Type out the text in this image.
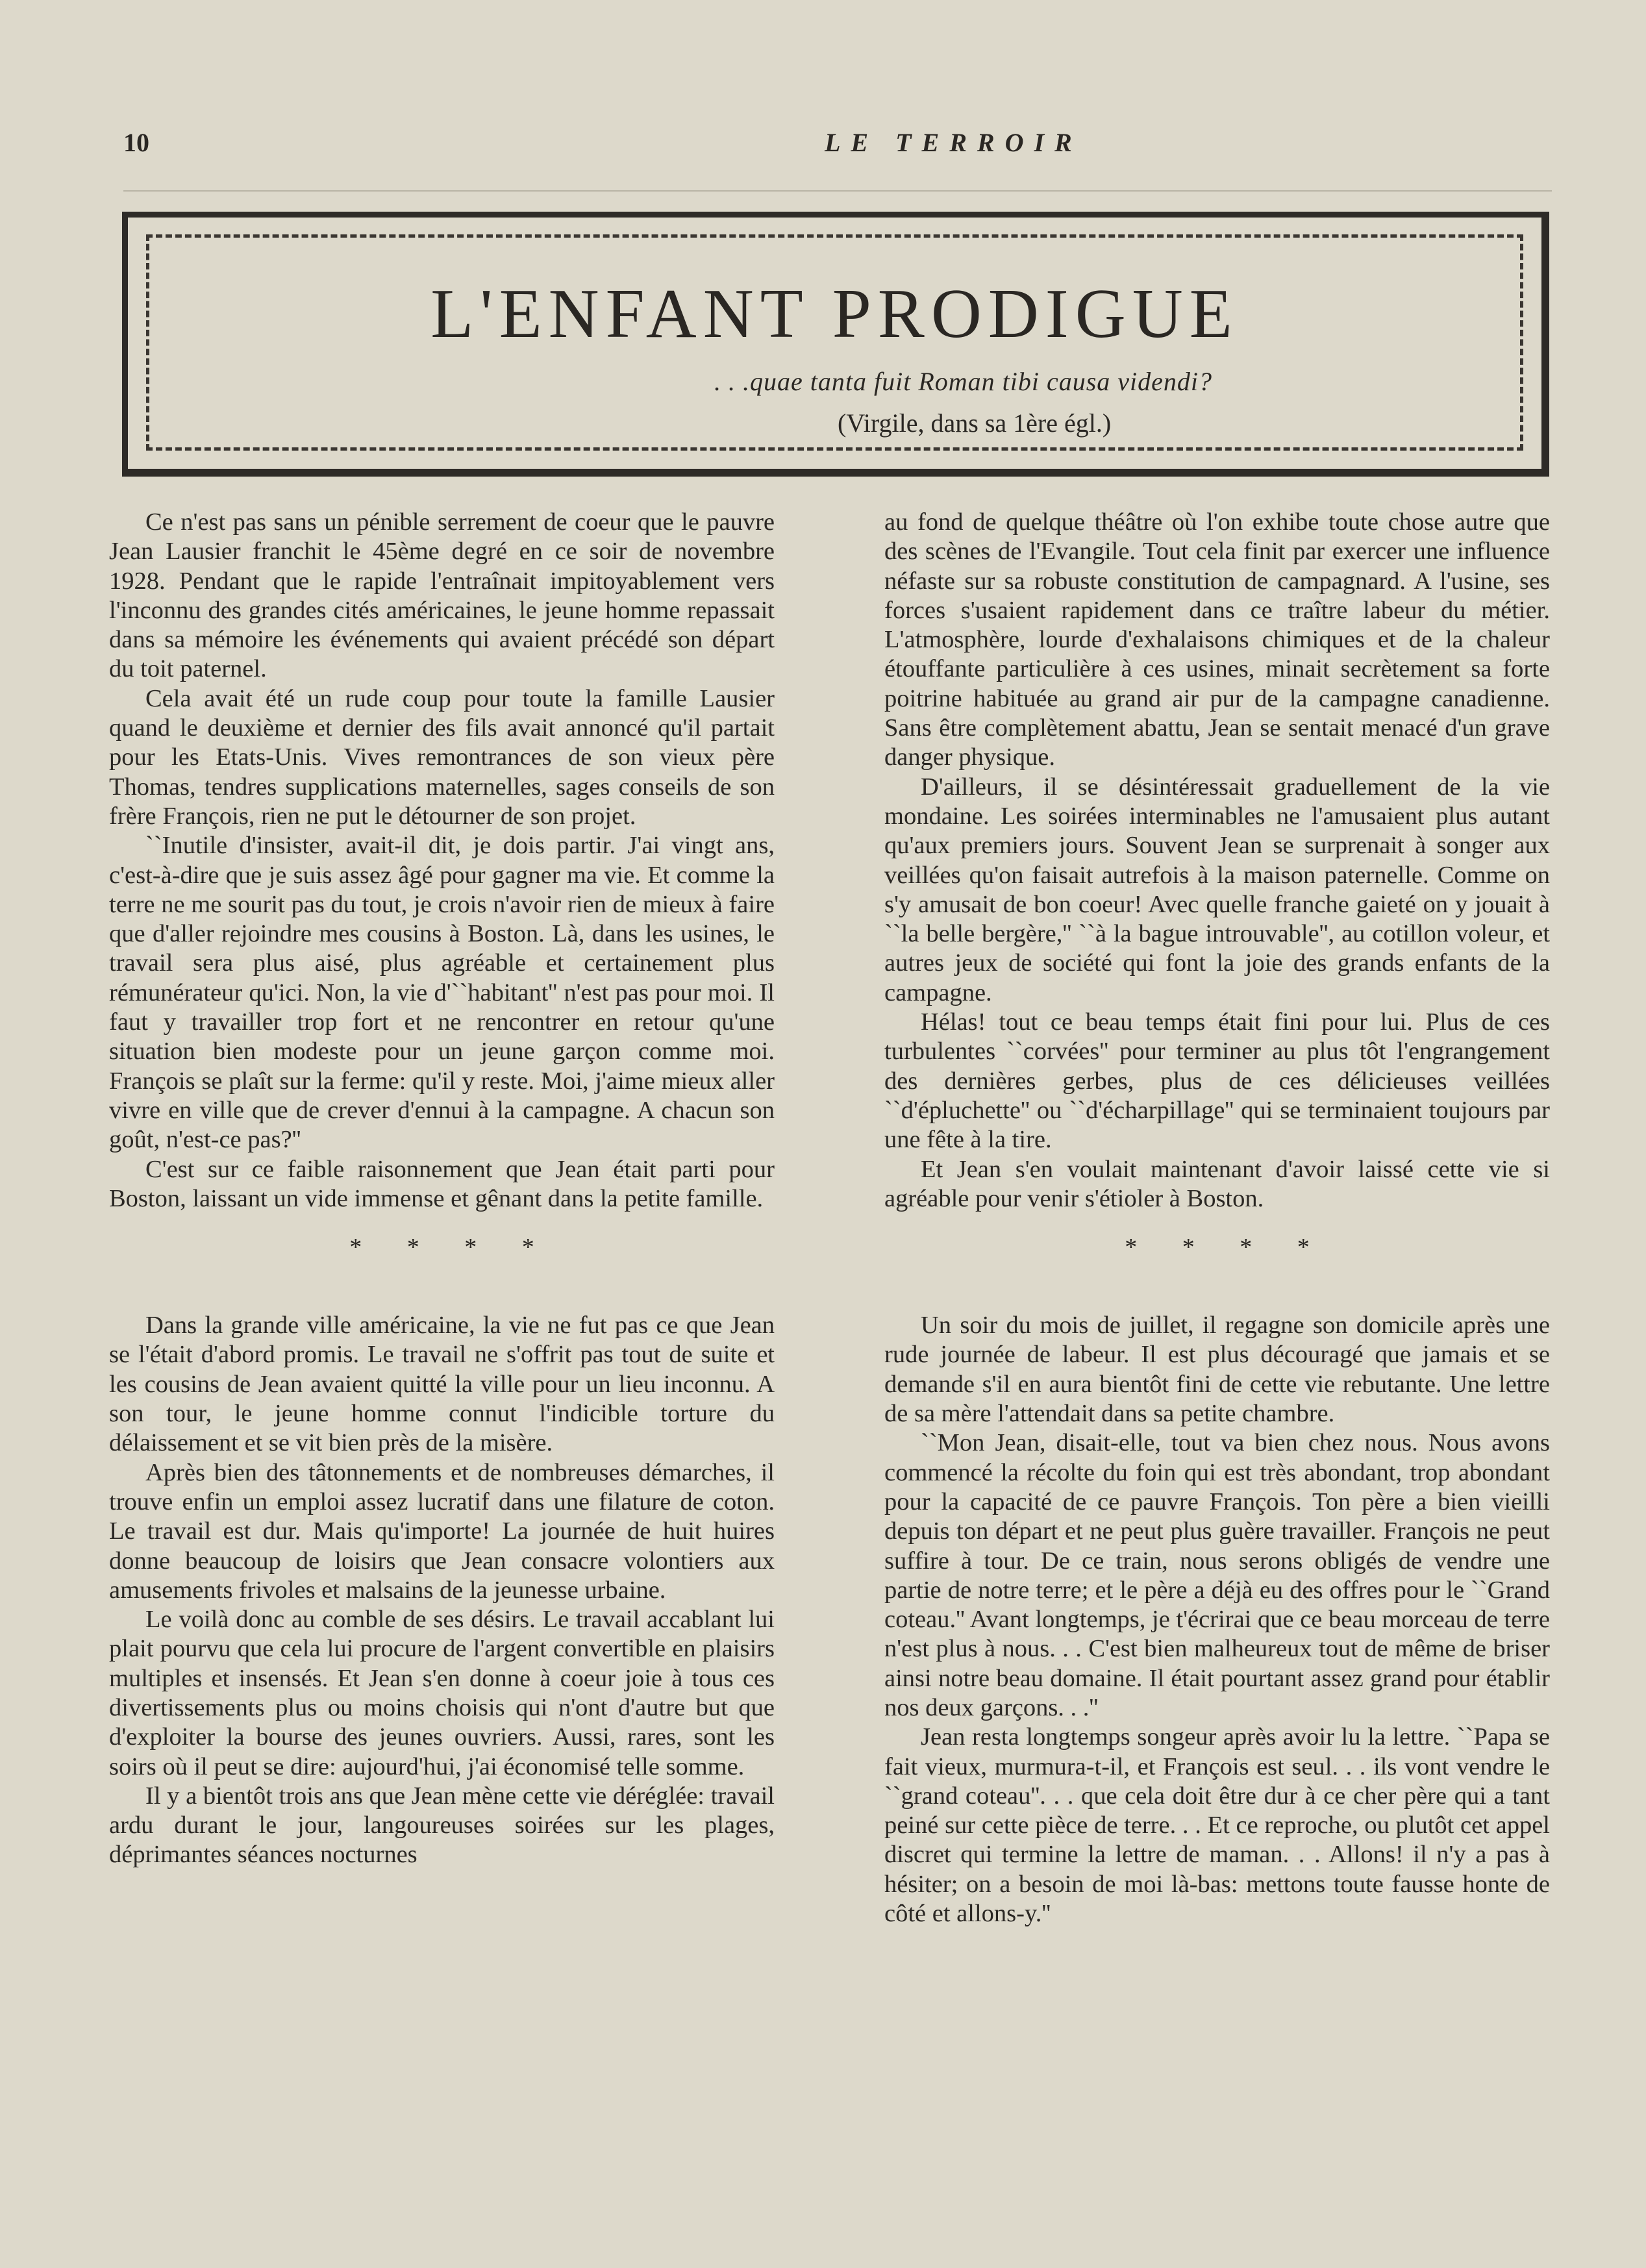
10	LE TERROIR
L'ENFANT PRODIGUE
. . .quae tanta fuit Roman tibi causa videndi?
(Virgile, dans sa 1ère égl.)

Ce n'est pas sans un pénible serrement de coeur que le pauvre Jean Lausier franchit le 45ème degré en ce soir de novembre 1928. Pendant que le rapide l'entraînait impitoyablement vers l'inconnu des grandes cités américaines, le jeune homme repassait dans sa mémoire les événements qui avaient précédé son départ du toit paternel.

Cela avait été un rude coup pour toute la famille Lausier quand le deuxième et dernier des fils avait annoncé qu'il partait pour les Etats-Unis. Vives remontrances de son vieux père Thomas, tendres supplications maternelles, sages conseils de son frère François, rien ne put le détourner de son projet.

``Inutile d'insister, avait-il dit, je dois partir. J'ai vingt ans, c'est-à-dire que je suis assez âgé pour gagner ma vie. Et comme la terre ne me sourit pas du tout, je crois n'avoir rien de mieux à faire que d'aller rejoindre mes cousins à Boston. Là, dans les usines, le travail sera plus aisé, plus agréable et certainement plus rémunérateur qu'ici. Non, la vie d'``habitant'' n'est pas pour moi. Il faut y travailler trop fort et ne rencontrer en retour qu'une situation bien modeste pour un jeune garçon comme moi. François se plaît sur la ferme: qu'il y reste. Moi, j'aime mieux aller vivre en ville que de crever d'ennui à la campagne. A chacun son goût, n'est-ce pas?''

C'est sur ce faible raisonnement que Jean était parti pour Boston, laissant un vide immense et gênant dans la petite famille.

* * * *

Dans la grande ville américaine, la vie ne fut pas ce que Jean se l'était d'abord promis. Le travail ne s'offrit pas tout de suite et les cousins de Jean avaient quitté la ville pour un lieu inconnu. A son tour, le jeune homme connut l'indicible torture du délaissement et se vit bien près de la misère.

Après bien des tâtonnements et de nombreuses démarches, il trouve enfin un emploi assez lucratif dans une filature de coton. Le travail est dur. Mais qu'importe! La journée de huit huires donne beaucoup de loisirs que Jean consacre volontiers aux amusements frivoles et malsains de la jeunesse urbaine.

Le voilà donc au comble de ses désirs. Le travail accablant lui plait pourvu que cela lui procure de l'argent convertible en plaisirs multiples et insensés. Et Jean s'en donne à coeur joie à tous ces divertissements plus ou moins choisis qui n'ont d'autre but que d'exploiter la bourse des jeunes ouvriers. Aussi, rares, sont les soirs où il peut se dire: aujourd'hui, j'ai économisé telle somme.

Il y a bientôt trois ans que Jean mène cette vie déréglée: travail ardu durant le jour, langoureuses soirées sur les plages, déprimantes séances nocturnes

au fond de quelque théâtre où l'on exhibe toute chose autre que des scènes de l'Evangile. Tout cela finit par exercer une influence néfaste sur sa robuste constitution de campagnard. A l'usine, ses forces s'usaient rapidement dans ce traître labeur du métier. L'atmosphère, lourde d'exhalaisons chimiques et de la chaleur étouffante particulière à ces usines, minait secrètement sa forte poitrine habituée au grand air pur de la campagne canadienne. Sans être complètement abattu, Jean se sentait menacé d'un grave danger physique.

D'ailleurs, il se désintéressait graduellement de la vie mondaine. Les soirées interminables ne l'amusaient plus autant qu'aux premiers jours. Souvent Jean se surprenait à songer aux veillées qu'on faisait autrefois à la maison paternelle. Comme on s'y amusait de bon coeur! Avec quelle franche gaieté on y jouait à ``la belle bergère,'' ``à la bague introuvable'', au cotillon voleur, et autres jeux de société qui font la joie des grands enfants de la campagne.

Hélas! tout ce beau temps était fini pour lui. Plus de ces turbulentes ``corvées'' pour terminer au plus tôt l'engrangement des dernières gerbes, plus de ces délicieuses veillées ``d'épluchette'' ou ``d'écharpillage'' qui se terminaient toujours par une fête à la tire.

Et Jean s'en voulait maintenant d'avoir laissé cette vie si agréable pour venir s'étioler à Boston.

* * * *

Un soir du mois de juillet, il regagne son domicile après une rude journée de labeur. Il est plus découragé que jamais et se demande s'il en aura bientôt fini de cette vie rebutante. Une lettre de sa mère l'attendait dans sa petite chambre.

``Mon Jean, disait-elle, tout va bien chez nous. Nous avons commencé la récolte du foin qui est très abondant, trop abondant pour la capacité de ce pauvre François. Ton père a bien vieilli depuis ton départ et ne peut plus guère travailler. François ne peut suffire à tour. De ce train, nous serons obligés de vendre une partie de notre terre; et le père a déjà eu des offres pour le ``Grand coteau.'' Avant longtemps, je t'écrirai que ce beau morceau de terre n'est plus à nous. . . C'est bien malheureux tout de même de briser ainsi notre beau domaine. Il était pourtant assez grand pour établir nos deux garçons. . .''

Jean resta longtemps songeur après avoir lu la lettre. ``Papa se fait vieux, murmura-t-il, et François est seul. . . ils vont vendre le ``grand coteau''. . . que cela doit être dur à ce cher père qui a tant peiné sur cette pièce de terre. . . Et ce reproche, ou plutôt cet appel discret qui termine la lettre de maman. . . Allons! il n'y a pas à hésiter; on a besoin de moi là-bas: mettons toute fausse honte de côté et allons-y.''
